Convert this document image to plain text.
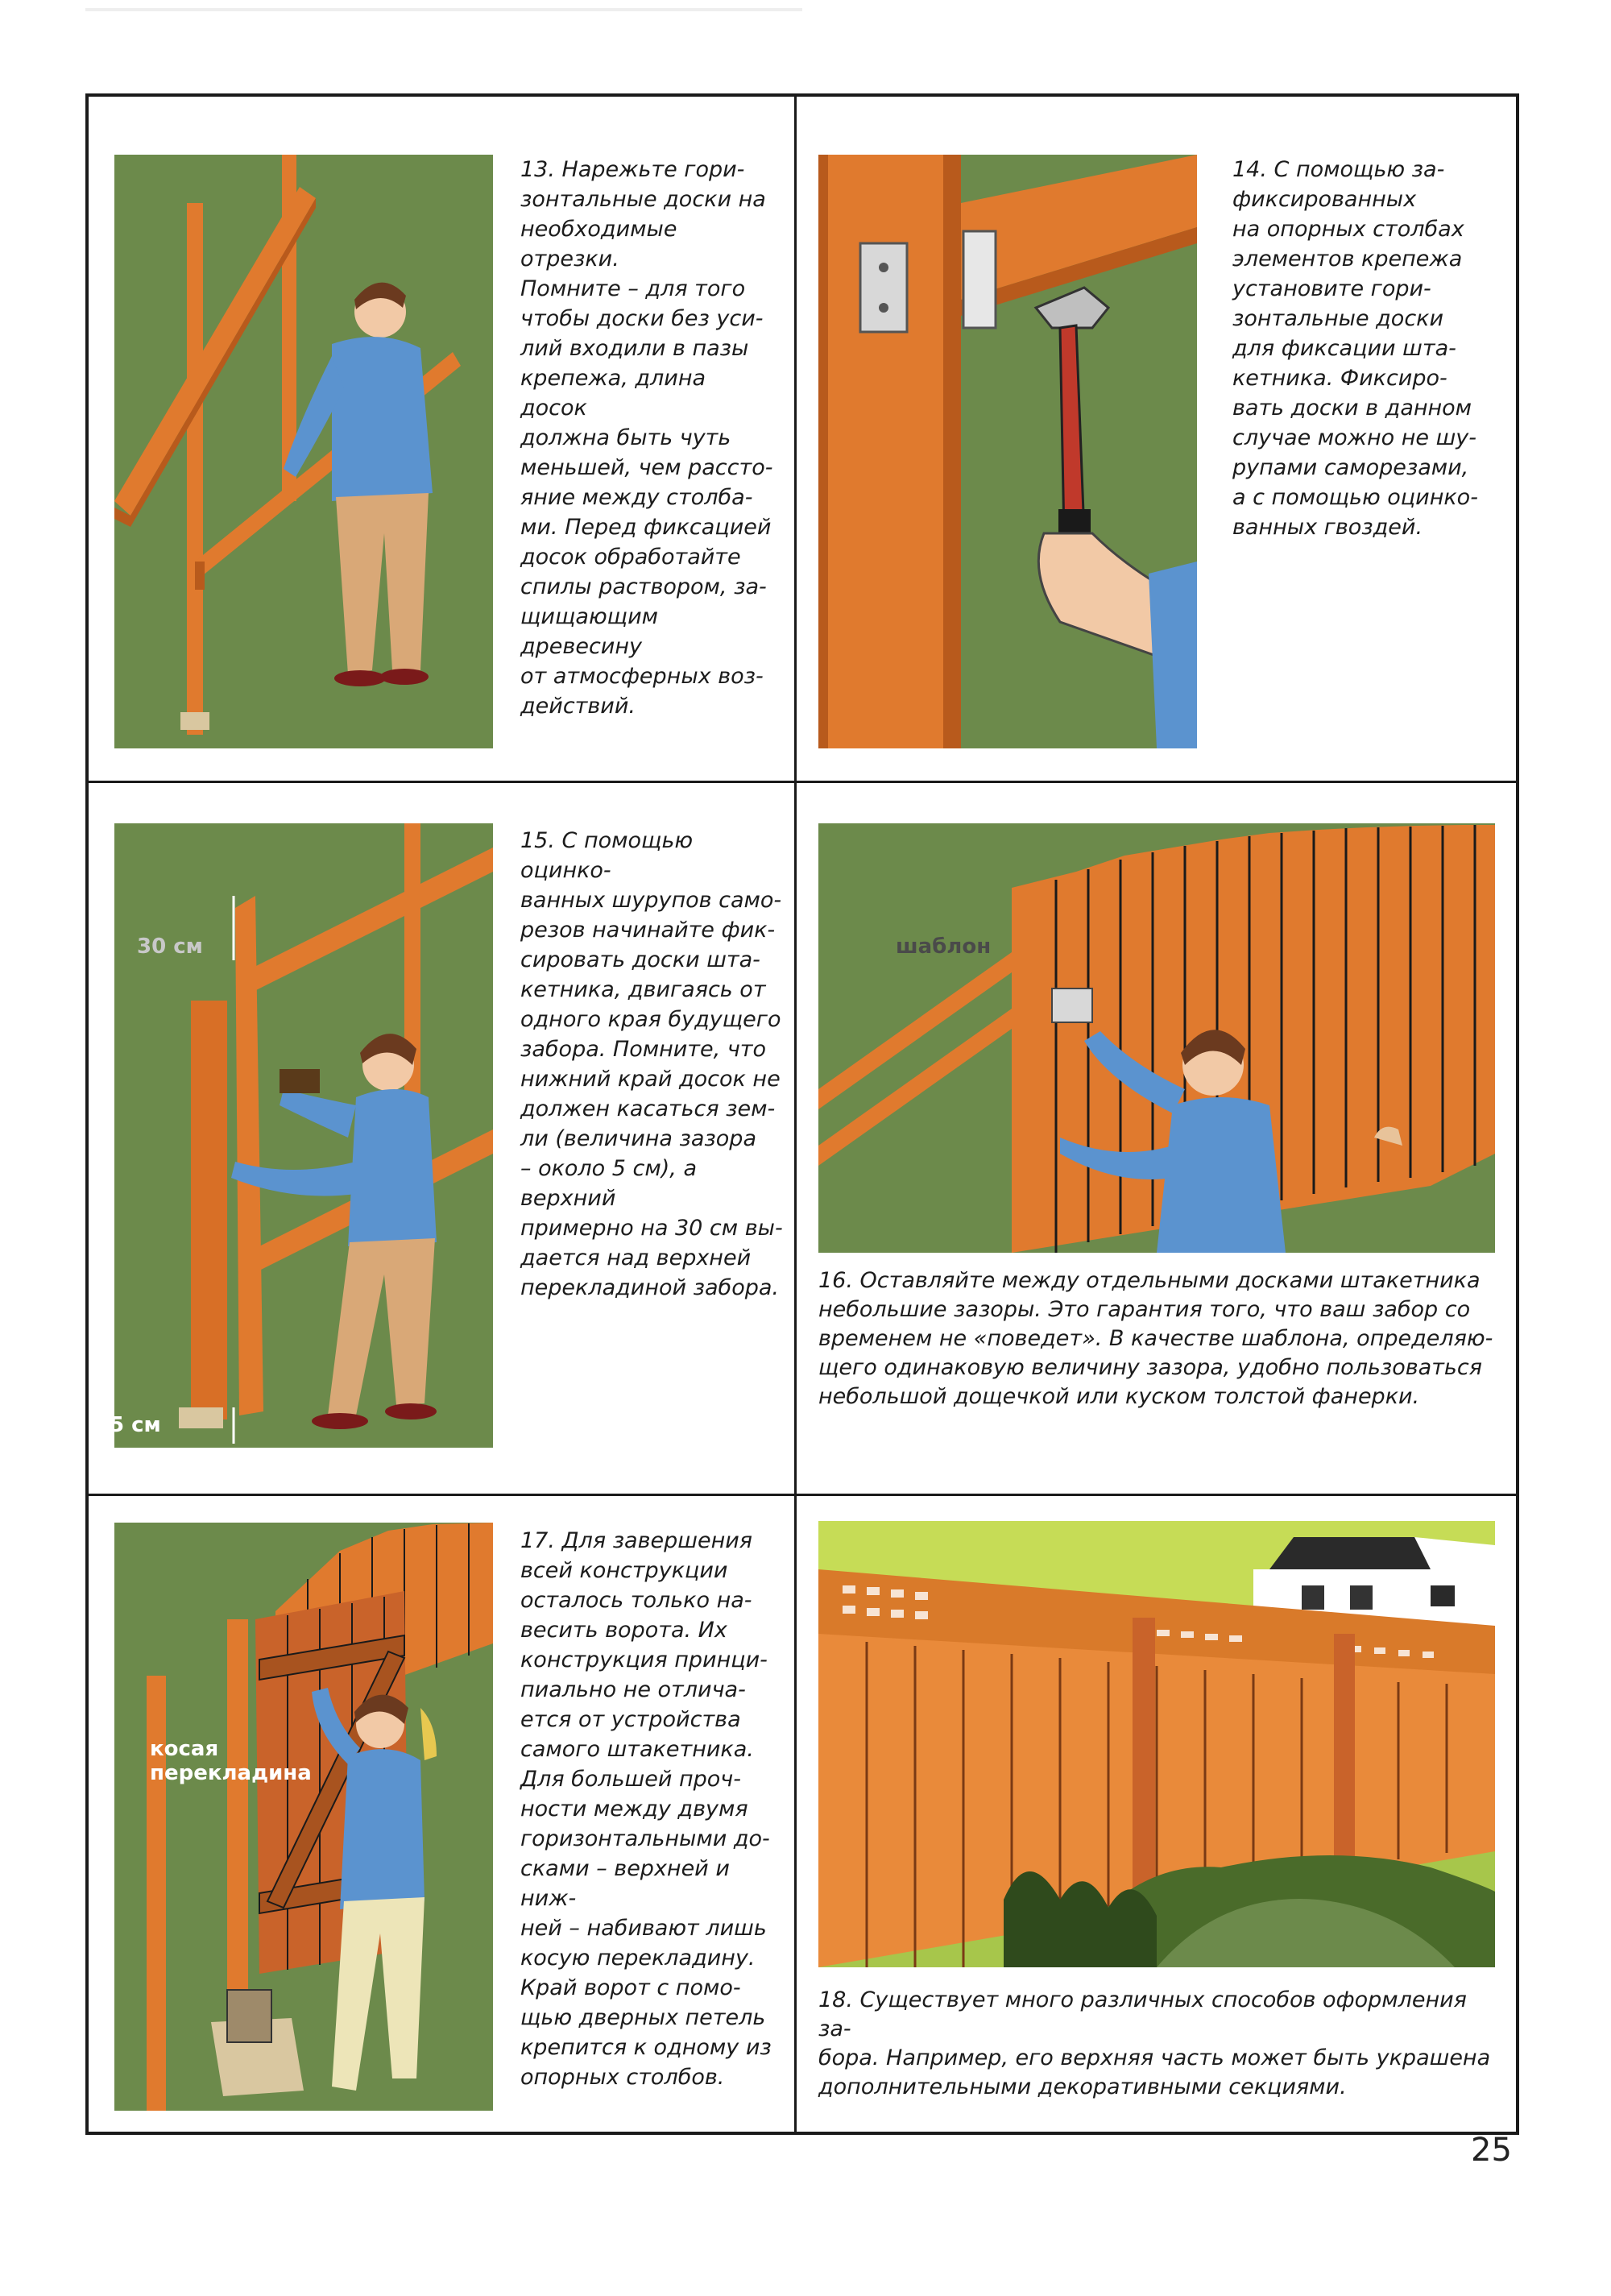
13. Нарежьте гори-
зонтальные доски на
необходимые отрезки.
Помните – для того
чтобы доски без уси-
лий входили в пазы
крепежа, длина досок
должна быть чуть
меньшей, чем рассто-
яние между столба-
ми. Перед фиксацией
досок обработайте
спилы раствором, за-
щищающим древесину
от атмосферных воз-
действий.
14. С помощью за-
фиксированных
на опорных столбах
элементов крепежа
установите гори-
зонтальные доски
для фиксации шта-
кетника. Фиксиро-
вать доски в данном
случае можно не шу-
рупами саморезами,
а с помощью оцинко-
ванных гвоздей.
30 см
5 см
15. С помощью оцинко-
ванных шурупов само-
резов начинайте фик-
сировать доски шта-
кетника, двигаясь от
одного края будущего
забора. Помните, что
нижний край досок не
должен касаться зем-
ли (величина зазора
– около 5 см), а верхний
примерно на 30 см вы-
дается над верхней
перекладиной забора.
шаблон
16. Оставляйте между отдельными досками штакетника
небольшие зазоры. Это гарантия того, что ваш забор со
временем не «поведет». В качестве шаблона, определяю-
щего одинаковую величину зазора, удобно пользоваться
небольшой дощечкой или куском толстой фанерки.
косая
перекладина
17. Для завершения
всей конструкции
осталось только на-
весить ворота. Их
конструкция принци-
пиально не отлича-
ется от устройства
самого штакетника.
Для большей проч-
ности между двумя
горизонтальными до-
сками – верхней и ниж-
ней – набивают лишь
косую перекладину.
Край ворот с помо-
щью дверных петель
крепится к одному из
опорных столбов.
18. Существует много различных способов оформления за-
бора. Например, его верхняя часть может быть украшена
дополнительными декоративными секциями.
25
